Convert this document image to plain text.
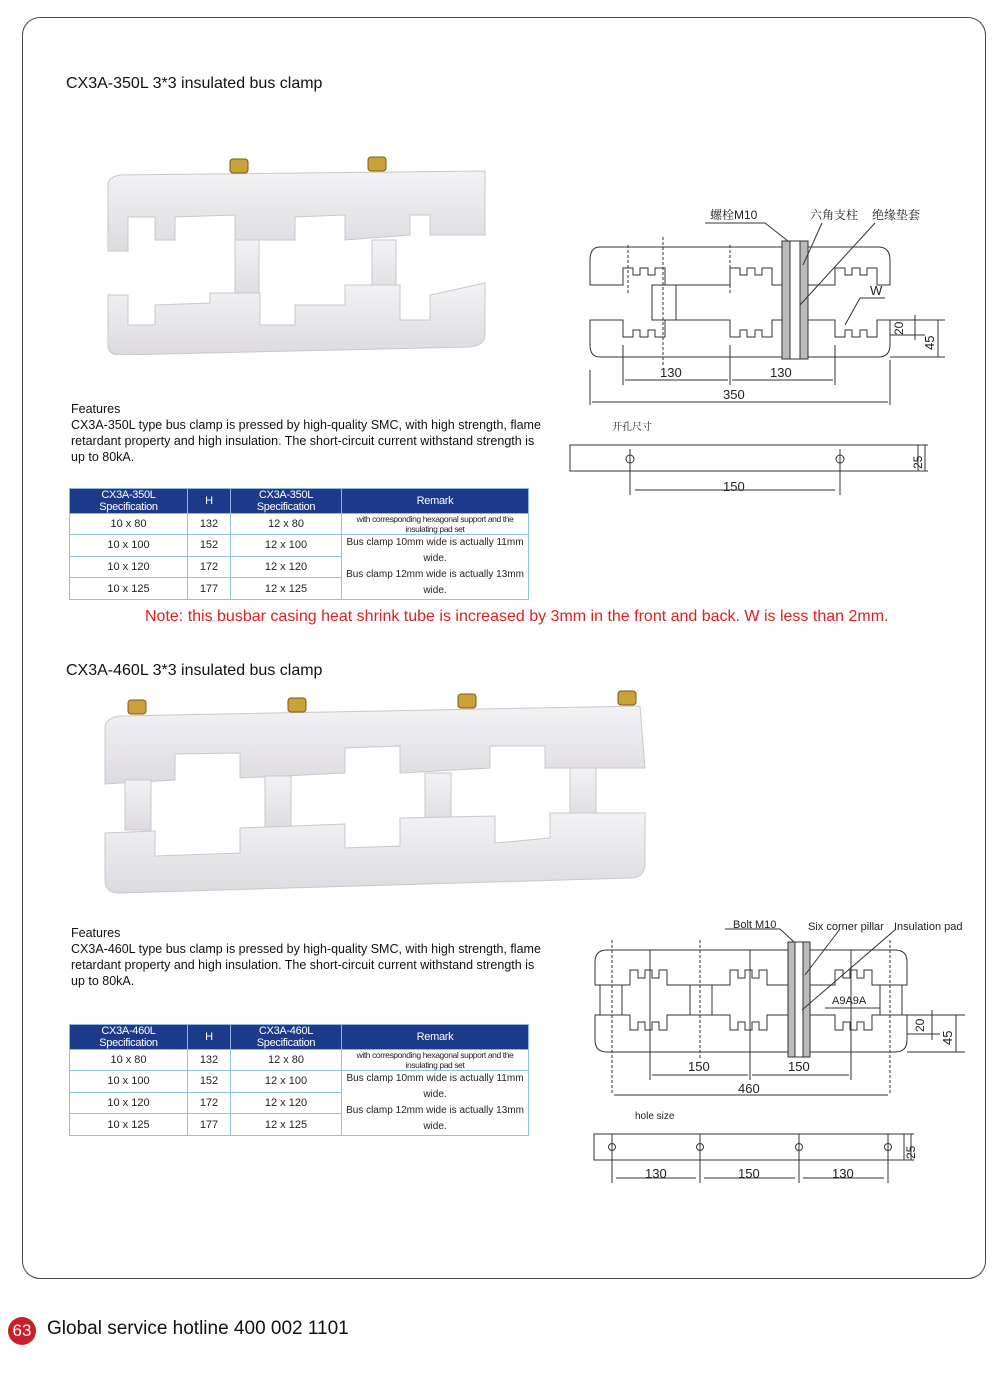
CX3A-350L 3*3 insulated bus clamp
Features
CX3A-350L type bus clamp is pressed by high-quality SMC, with high strength, flame retardant property and high insulation. The short-circuit current withstand strength is up to 80kA.
CX3A-350L Specification	H	CX3A-350L Specification	Remark
10 x 80	132	12 x 80	with corresponding hexagonal support and the insulating pad set
10 x 100	152	12 x 100	Bus clamp 10mm wide is actually 11mm wide.
Bus clamp 12mm wide is actually 13mm wide.

10 x 120	172	12 x 120	
10 x 125	177	12 x 125	
螺栓M10	六角支柱 绝缘垫套
W
130	130
350
20
45
开孔尺寸
150
25
Note: this busbar casing heat shrink tube is increased by 3mm in the front and back. W is less than 2mm.
CX3A-460L 3*3 insulated bus clamp
Features
CX3A-460L type bus clamp is pressed by high-quality SMC, with high strength, flame retardant property and high insulation. The short-circuit current withstand strength is up to 80kA.
CX3A-460L Specification	H	CX3A-460L Specification	Remark
10 x 80	132	12 x 80	with corresponding hexagonal support and the insulating pad set
10 x 100	152	12 x 100	Bus clamp 10mm wide is actually 11mm wide.
Bus clamp 12mm wide is actually 13mm wide.

10 x 120	172	12 x 120	
10 x 125	177	12 x 125	
Bolt M10	Six corner pillar Insulation pad
A9A9A
150	150
460
20
45
hole size
130	150	130
25
63 Global service hotline 400 002 1101
